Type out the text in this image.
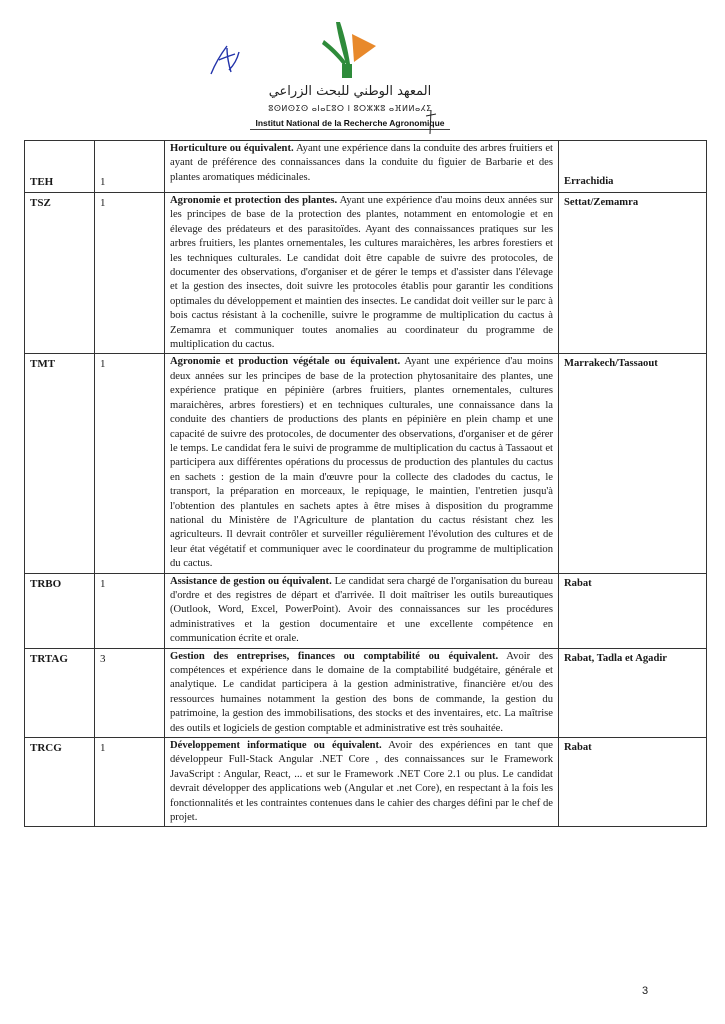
المعهد الوطني للبحث الزراعي
ⵓⵙⵍⵙⵉⵙ ⴰⵏⴰⵎⵓⵔ ⵏ ⵓⵔⵣⵣⵓ ⴰⴼⵍⵍⴰⵃⵉ
Institut National de la Recherche Agronomique
TEH	1	Horticulture ou équivalent. Ayant une expérience dans la conduite des arbres fruitiers et ayant de préférence des connaissances dans la conduite du figuier de Barbarie et des plantes aromatiques médicinales.	Errachidia
TSZ	1	Agronomie et protection des plantes. Ayant une expérience d'au moins deux années sur les principes de base de la protection des plantes, notamment en entomologie et en élevage des prédateurs et des parasitoïdes. Ayant des connaissances pratiques sur les arbres fruitiers, les plantes ornementales, les cultures maraichères, les arbres forestiers et les techniques culturales. Le candidat doit être capable de suivre des protocoles, de documenter des observations, d'organiser et de gérer le temps et d'assister dans l'élevage et la gestion des insectes, doit suivre les protocoles établis pour garantir les conditions optimales du développement et maintien des insectes. Le candidat doit veiller sur le parc à bois cactus résistant à la cochenille, suivre le programme de multiplication du cactus à Zemamra et communiquer toutes anomalies au coordinateur du programme de multiplication du cactus.	Settat/Zemamra
TMT	1	Agronomie et production végétale ou équivalent. Ayant une expérience d'au moins deux années sur les principes de base de la protection phytosanitaire des plantes, une expérience pratique en pépinière (arbres fruitiers, plantes ornementales, cultures maraichères, arbres forestiers) et en techniques culturales, une connaissance dans la conduite des chantiers de productions des plants en pépinière en plein champ et une capacité de suivre des protocoles, de documenter des observations, d'organiser et de gérer le temps. Le candidat fera le suivi de programme de multiplication du cactus à Tassaout et participera aux différentes opérations du processus de production des plantules du cactus en sachets : gestion de la main d'œuvre pour la collecte des cladodes du cactus, le transport, la préparation en morceaux, le repiquage, le maintien, l'entretien jusqu'à l'obtention des plantules en sachets aptes à être mises à disposition du programme national du Ministère de l'Agriculture de plantation du cactus résistant chez les agriculteurs. Il devrait contrôler et surveiller régulièrement l'évolution des cultures et de leur état végétatif et communiquer avec le coordinateur du programme de multiplication du cactus.	Marrakech/Tassaout
TRBO	1	Assistance de gestion ou équivalent. Le candidat sera chargé de l'organisation du bureau d'ordre et des registres de départ et d'arrivée. Il doit maîtriser les outils bureautiques (Outlook, Word, Excel, PowerPoint). Avoir des connaissances sur les procédures administratives et la gestion documentaire et une excellente compétence en communication écrite et orale.	Rabat
TRTAG	3	Gestion des entreprises, finances ou comptabilité ou équivalent. Avoir des compétences et expérience dans le domaine de la comptabilité budgétaire, générale et analytique. Le candidat participera à la gestion administrative, financière et/ou des ressources humaines notamment la gestion des bons de commande, la gestion du patrimoine, la gestion des immobilisations, des stocks et des inventaires, etc. La maîtrise des outils et logiciels de gestion comptable et administrative est très souhaitée.	Rabat, Tadla et Agadir
TRCG	1	Développement informatique ou équivalent. Avoir des expériences en tant que développeur Full-Stack Angular .NET Core , des connaissances sur le Framework JavaScript : Angular, React, ... et sur le Framework .NET Core 2.1 ou plus. Le candidat devrait développer des applications web (Angular et .net Core), en respectant à la fois les fonctionnalités et les contraintes contenues dans le cahier des charges défini par le chef de projet.	Rabat
3
